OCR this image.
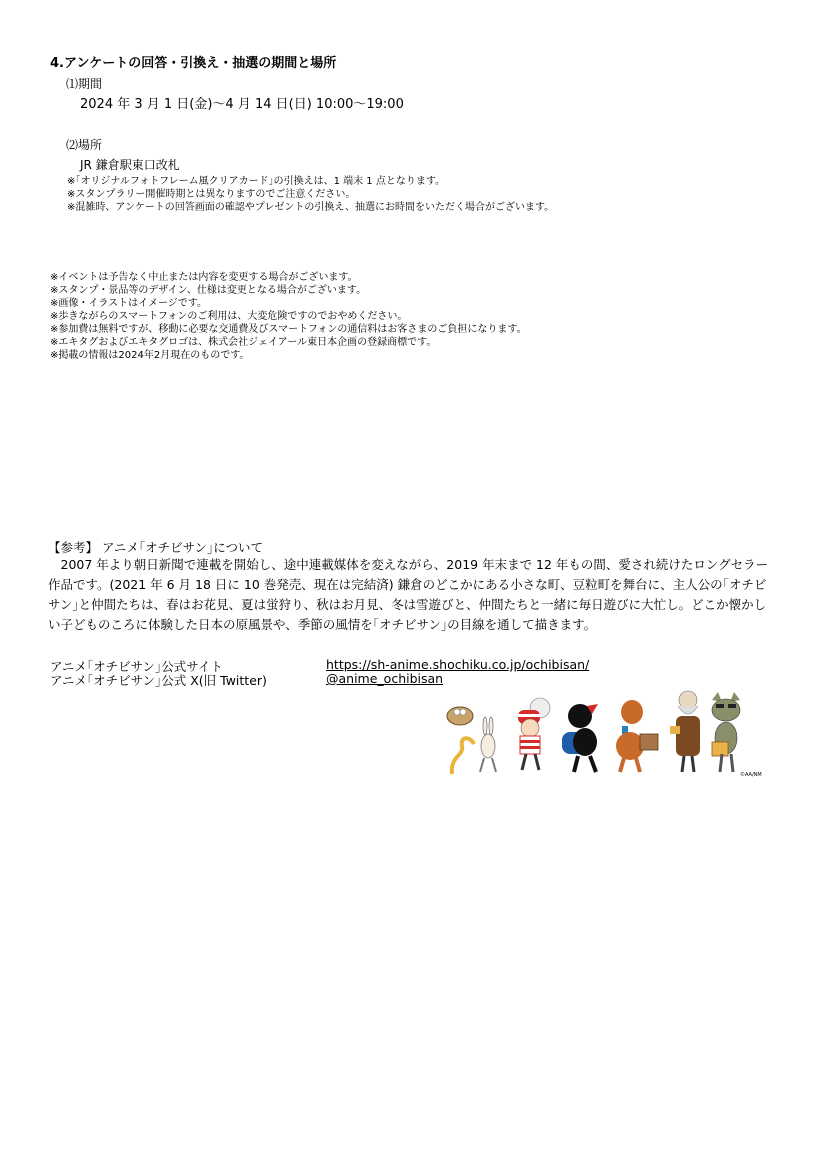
4.アンケートの回答・引換え・抽選の期間と場所
⑴期間
2024 年 3 月 1 日(金)～4 月 14 日(日) 10:00～19:00
⑵場所
JR 鎌倉駅東口改札
※｢オリジナルフォトフレーム風クリアカード｣の引換えは、1 端末 1 点となります。
※スタンプラリー開催時期とは異なりますのでご注意ください。
※混雑時、アンケートの回答画面の確認やプレゼントの引換え、抽選にお時間をいただく場合がございます。
※イベントは予告なく中止または内容を変更する場合がございます。
※スタンプ・景品等のデザイン、仕様は変更となる場合がございます。
※画像・イラストはイメージです。
※歩きながらのスマートフォンのご利用は、大変危険ですのでおやめください。
※参加費は無料ですが、移動に必要な交通費及びスマートフォンの通信料はお客さまのご負担になります。
※エキタグおよびエキタグロゴは、株式会社ジェイアール東日本企画の登録商標です。
※掲載の情報は2024年2月現在のものです。
【参考】 アニメ｢オチビサン｣について
　2007 年より朝日新聞で連載を開始し、途中連載媒体を変えながら、2019 年末まで 12 年もの間、愛され続けたロングセラー作品です。(2021 年 6 月 18 日に 10 巻発売、現在は完結済) 鎌倉のどこかにある小さな町、豆粒町を舞台に、主人公の｢オチビサン｣と仲間たちは、春はお花見、夏は蛍狩り、秋はお月見、冬は雪遊びと、仲間たちと一緒に毎日遊びに大忙し。どこか懐かしい子どものころに体験した日本の原風景や、季節の風情を｢オチビサン｣の目線を通して描きます。
アニメ｢オチビサン｣公式サイト	https://sh-anime.shochiku.co.jp/ochibisan/
アニメ｢オチビサン｣公式 X(旧 Twitter)	@anime_ochibisan
©AA/NM
